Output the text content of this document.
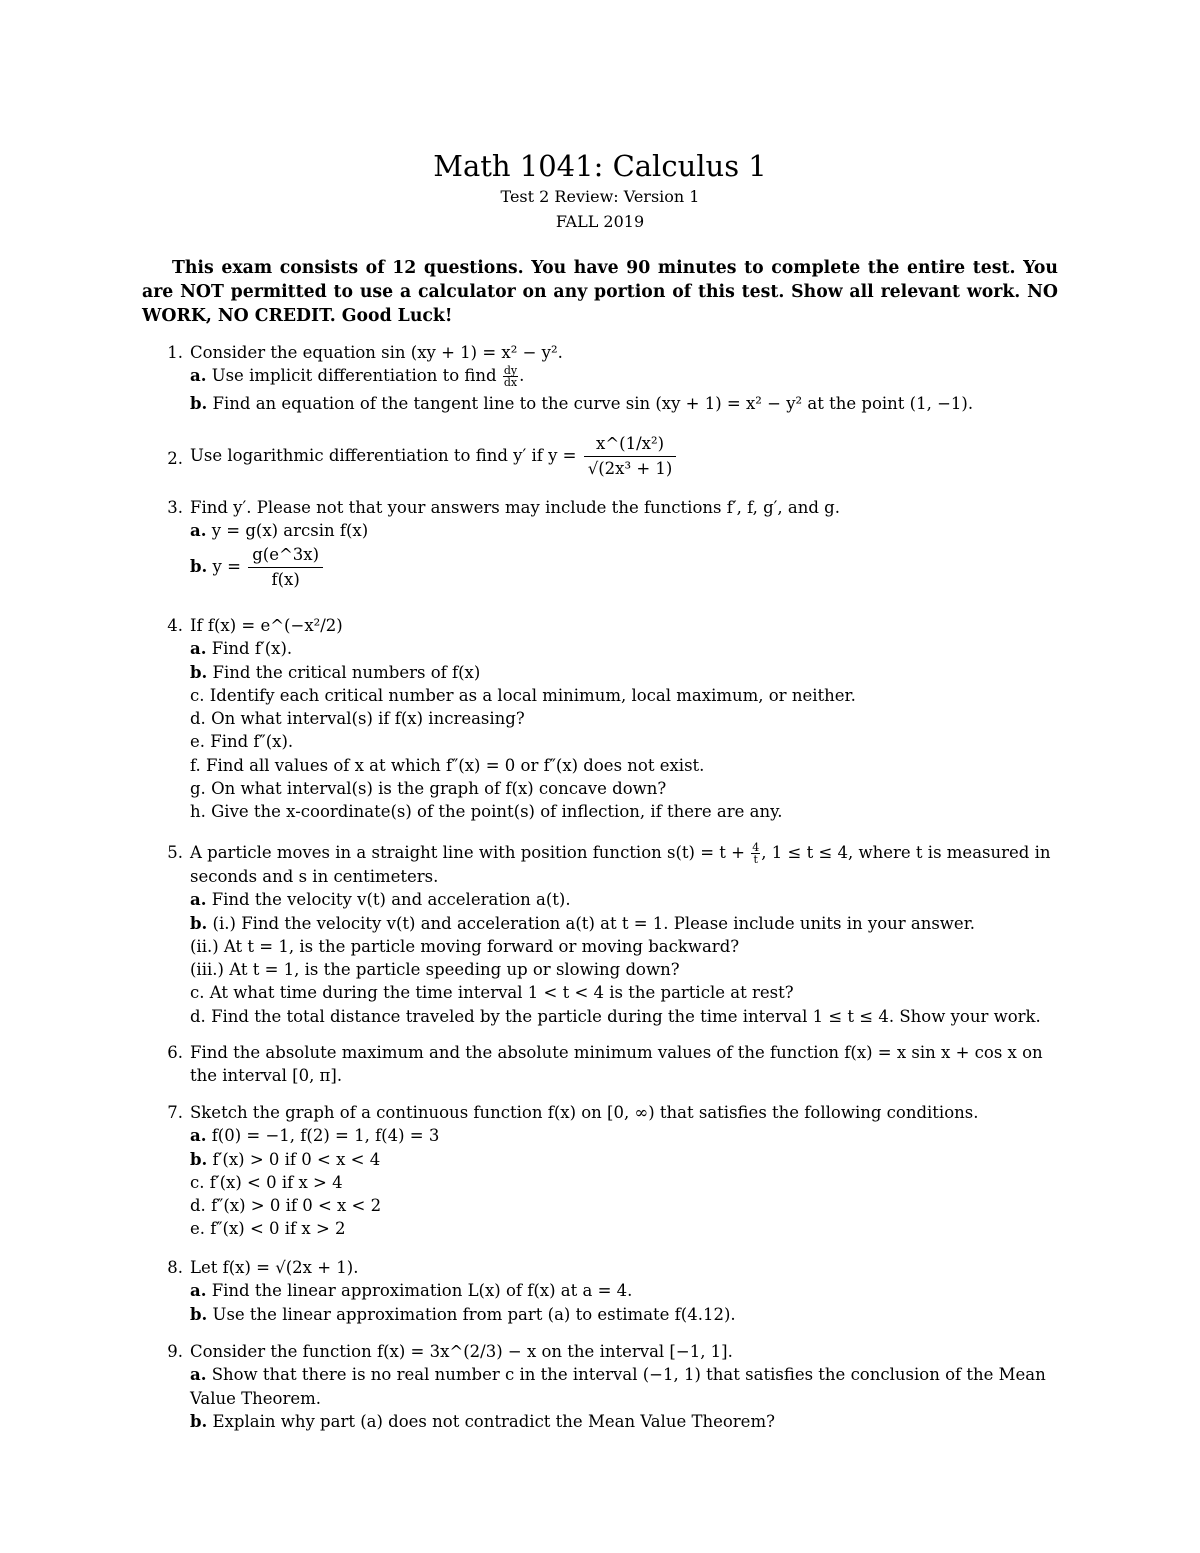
Math 1041: Calculus 1
Test 2 Review: Version 1
FALL 2019
This exam consists of 12 questions. You have 90 minutes to complete the entire test. You are NOT permitted to use a calculator on any portion of this test. Show all relevant work. NO WORK, NO CREDIT. Good Luck!
1. Consider the equation sin (xy + 1) = x² − y².
a. Use implicit differentiation to find $\frac{dy}{dx}$ .
b. Find an equation of the tangent line to the curve sin (xy + 1) = x² − y² at the point (1, −1).
2. Use logarithmic differentiation to find y′ if $y = \frac{\text{x\textasciicircum{}(1/x²)}}{\text{√(2x³ + 1)}}$
3. Find y′. Please not that your answers may include the functions f′, f, g′, and g.
a. y = g(x) arcsin f(x)
b. $y = \frac{g(e\^{}3x)}{f(x)}$
4. If f(x) = e^(−x²/2)
a. Find f′(x).
b. Find the critical numbers of f(x)
c. Identify each critical number as a local minimum, local maximum, or neither.
d. On what interval(s) if f(x) increasing?
e. Find f″(x).
f. Find all values of x at which f″(x) = 0 or f″(x) does not exist.
g. On what interval(s) is the graph of f(x) concave down?
h. Give the x-coordinate(s) of the point(s) of inflection, if there are any.
5. A particle moves in a straight line with position function $s(t) = t + \frac{4}{t}$ , 1 ≤ t ≤ 4, where t is measured in seconds and s in centimeters.
a. Find the velocity v(t) and acceleration a(t).
b. (i.) Find the velocity v(t) and acceleration a(t) at t = 1. Please include units in your answer.
(ii.) At t = 1, is the particle moving forward or moving backward?
(iii.) At t = 1, is the particle speeding up or slowing down?
c. At what time during the time interval 1 < t < 4 is the particle at rest?
d. Find the total distance traveled by the particle during the time interval 1 ≤ t ≤ 4. Show your work.
6. Find the absolute maximum and the absolute minimum values of the function f(x) = x sin x + cos x on the interval [0, π].
7. Sketch the graph of a continuous function f(x) on [0, ∞) that satisfies the following conditions.
a. f(0) = −1, f(2) = 1, f(4) = 3
b. f′(x) > 0 if 0 < x < 4
c. f′(x) < 0 if x > 4
d. f″(x) > 0 if 0 < x < 2
e. f″(x) < 0 if x > 2
8. Let f(x) = √(2x + 1).
a. Find the linear approximation L(x) of f(x) at a = 4.
b. Use the linear approximation from part (a) to estimate f(4.12).
9. Consider the function f(x) = 3x^(2/3) − x on the interval [−1, 1].
a. Show that there is no real number c in the interval (−1, 1) that satisfies the conclusion of the Mean Value Theorem.
b. Explain why part (a) does not contradict the Mean Value Theorem?
